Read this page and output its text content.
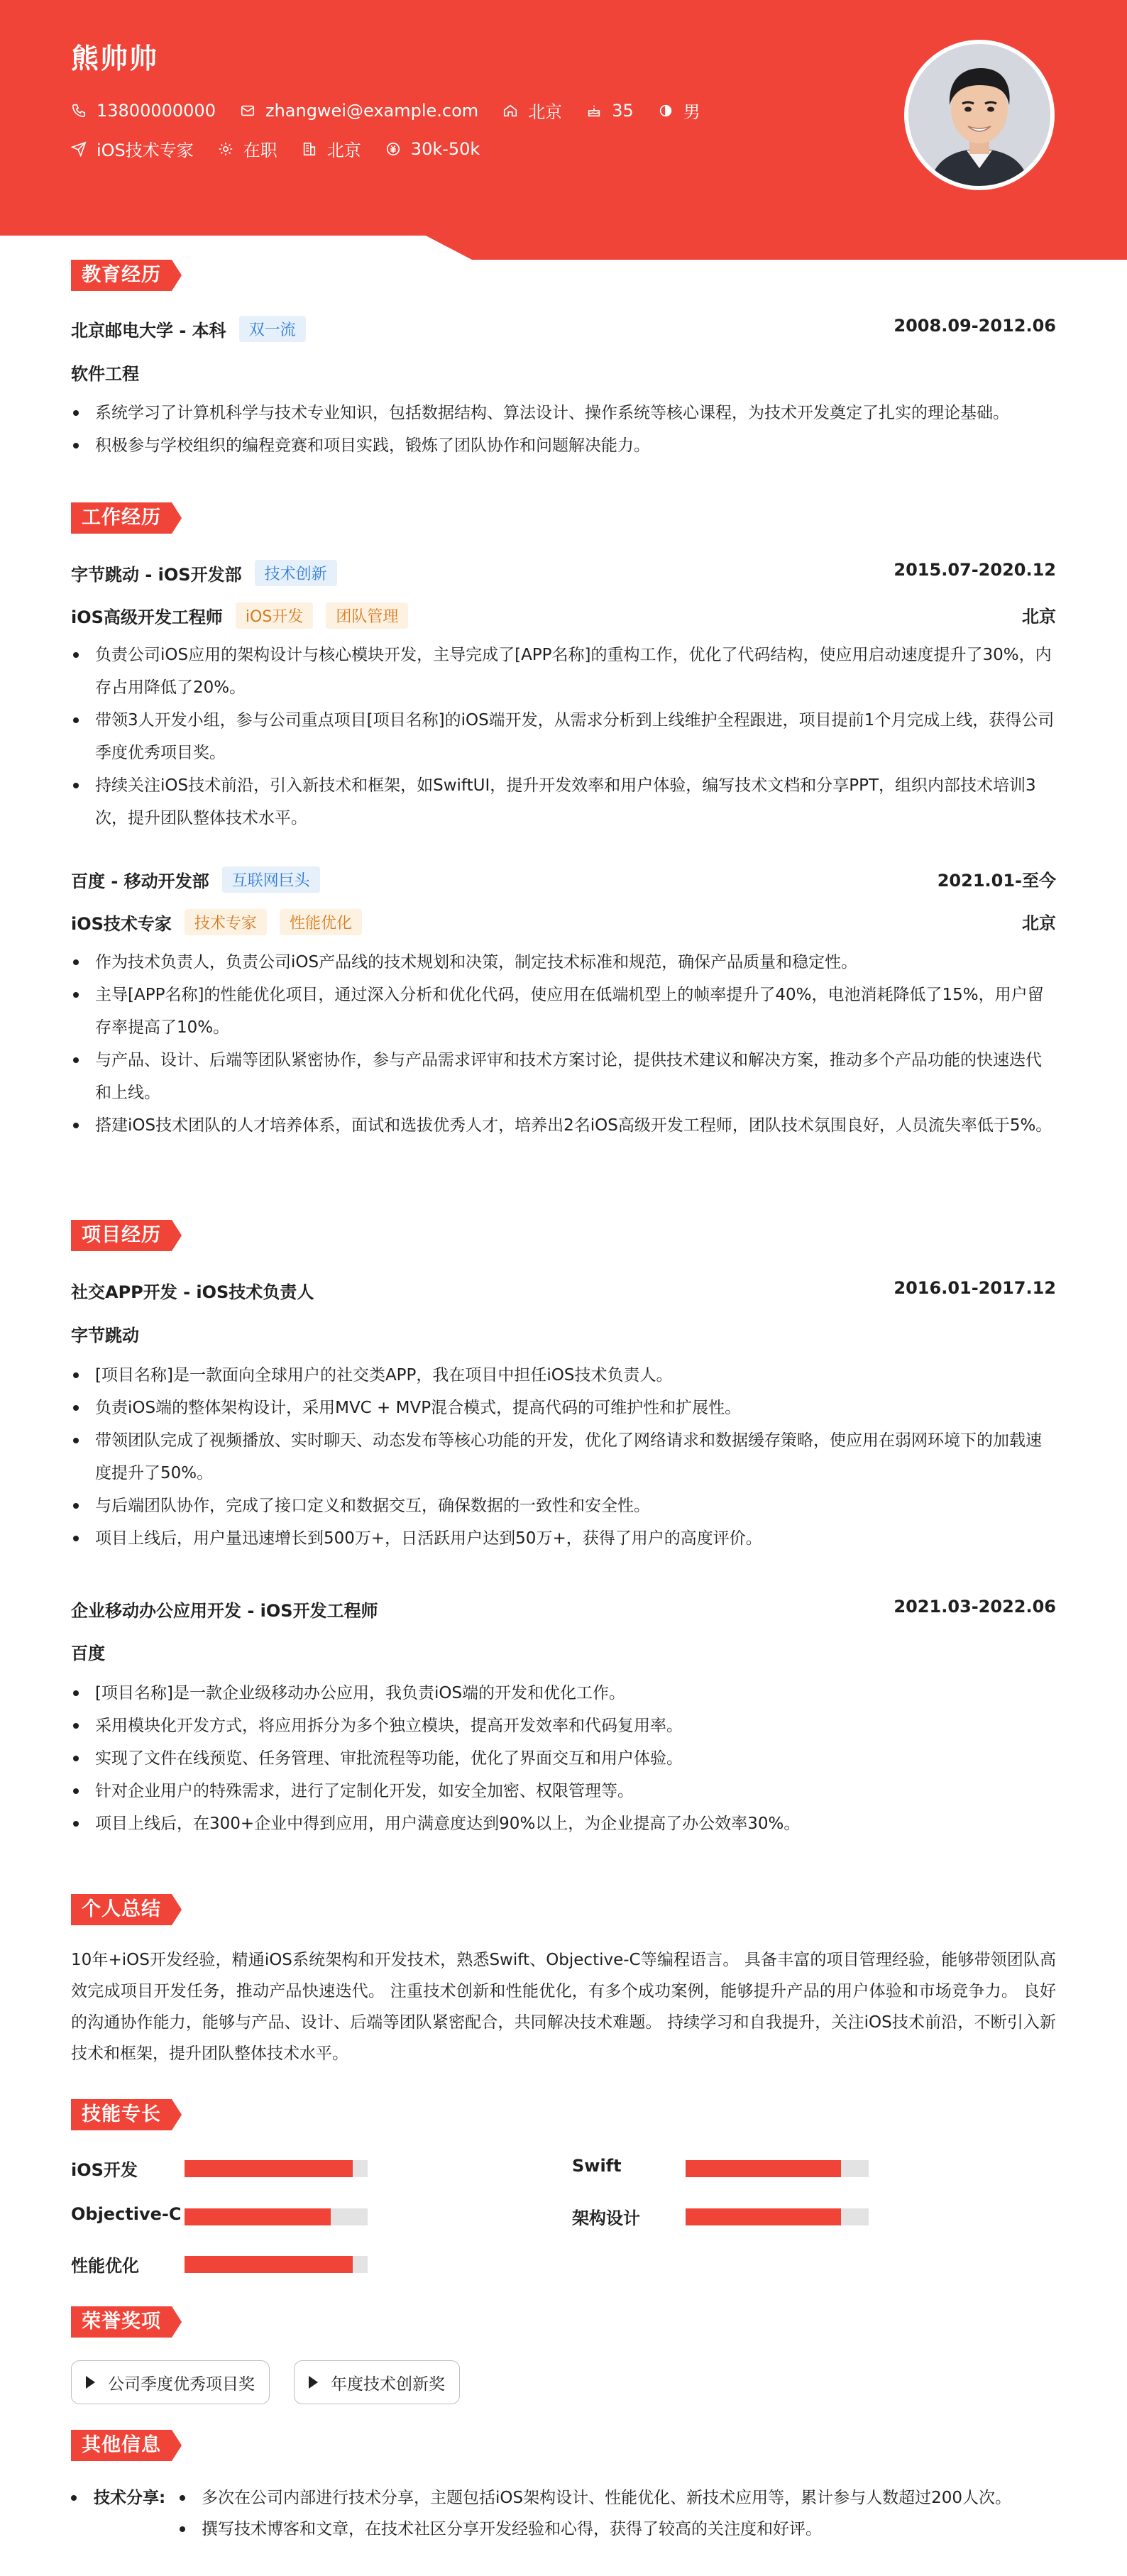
熊帅帅
13800000000	zhangwei@example.com	北京	35	男
iOS技术专家	在职	北京	30k-50k
教育经历
北京邮电大学 - 本科	双一流	2008.09-2012.06
软件工程
系统学习了计算机科学与技术专业知识，包括数据结构、算法设计、操作系统等核心课程，为技术开发奠定了扎实的理论基础。
积极参与学校组织的编程竞赛和项目实践，锻炼了团队协作和问题解决能力。
工作经历
字节跳动 - iOS开发部	技术创新	2015.07-2020.12
iOS高级开发工程师	iOS开发	团队管理	北京
负责公司iOS应用的架构设计与核心模块开发，主导完成了[APP名称]的重构工作，优化了代码结构，使应用启动速度提升了30%，内存占用降低了20%。
带领3人开发小组，参与公司重点项目[项目名称]的iOS端开发，从需求分析到上线维护全程跟进，项目提前1个月完成上线，获得公司季度优秀项目奖。
持续关注iOS技术前沿，引入新技术和框架，如SwiftUI，提升开发效率和用户体验，编写技术文档和分享PPT，组织内部技术培训3次，提升团队整体技术水平。
百度 - 移动开发部	互联网巨头	2021.01-至今
iOS技术专家	技术专家	性能优化	北京
作为技术负责人，负责公司iOS产品线的技术规划和决策，制定技术标准和规范，确保产品质量和稳定性。
主导[APP名称]的性能优化项目，通过深入分析和优化代码，使应用在低端机型上的帧率提升了40%，电池消耗降低了15%，用户留存率提高了10%。
与产品、设计、后端等团队紧密协作，参与产品需求评审和技术方案讨论，提供技术建议和解决方案，推动多个产品功能的快速迭代和上线。
搭建iOS技术团队的人才培养体系，面试和选拔优秀人才，培养出2名iOS高级开发工程师，团队技术氛围良好，人员流失率低于5%。
项目经历
社交APP开发 - iOS技术负责人	2016.01-2017.12
字节跳动
[项目名称]是一款面向全球用户的社交类APP，我在项目中担任iOS技术负责人。
负责iOS端的整体架构设计，采用MVC + MVP混合模式，提高代码的可维护性和扩展性。
带领团队完成了视频播放、实时聊天、动态发布等核心功能的开发，优化了网络请求和数据缓存策略，使应用在弱网环境下的加载速度提升了50%。
与后端团队协作，完成了接口定义和数据交互，确保数据的一致性和安全性。
项目上线后，用户量迅速增长到500万+，日活跃用户达到50万+，获得了用户的高度评价。
企业移动办公应用开发 - iOS开发工程师	2021.03-2022.06
百度
[项目名称]是一款企业级移动办公应用，我负责iOS端的开发和优化工作。
采用模块化开发方式，将应用拆分为多个独立模块，提高开发效率和代码复用率。
实现了文件在线预览、任务管理、审批流程等功能，优化了界面交互和用户体验。
针对企业用户的特殊需求，进行了定制化开发，如安全加密、权限管理等。
项目上线后，在300+企业中得到应用，用户满意度达到90%以上，为企业提高了办公效率30%。
个人总结
10年+iOS开发经验，精通iOS系统架构和开发技术，熟悉Swift、Objective-C等编程语言。 具备丰富的项目管理经验，能够带领团队高效完成项目开发任务，推动产品快速迭代。 注重技术创新和性能优化，有多个成功案例，能够提升产品的用户体验和市场竞争力。 良好的沟通协作能力，能够与产品、设计、后端等团队紧密配合，共同解决技术难题。 持续学习和自我提升，关注iOS技术前沿，不断引入新技术和框架，提升团队整体技术水平。
技能专长
iOS开发	Swift
Objective-C	架构设计
性能优化
荣誉奖项
公司季度优秀项目奖	年度技术创新奖
其他信息
技术分享:	多次在公司内部进行技术分享，主题包括iOS架构设计、性能优化、新技术应用等，累计参与人数超过200人次。
撰写技术博客和文章，在技术社区分享开发经验和心得，获得了较高的关注度和好评。
